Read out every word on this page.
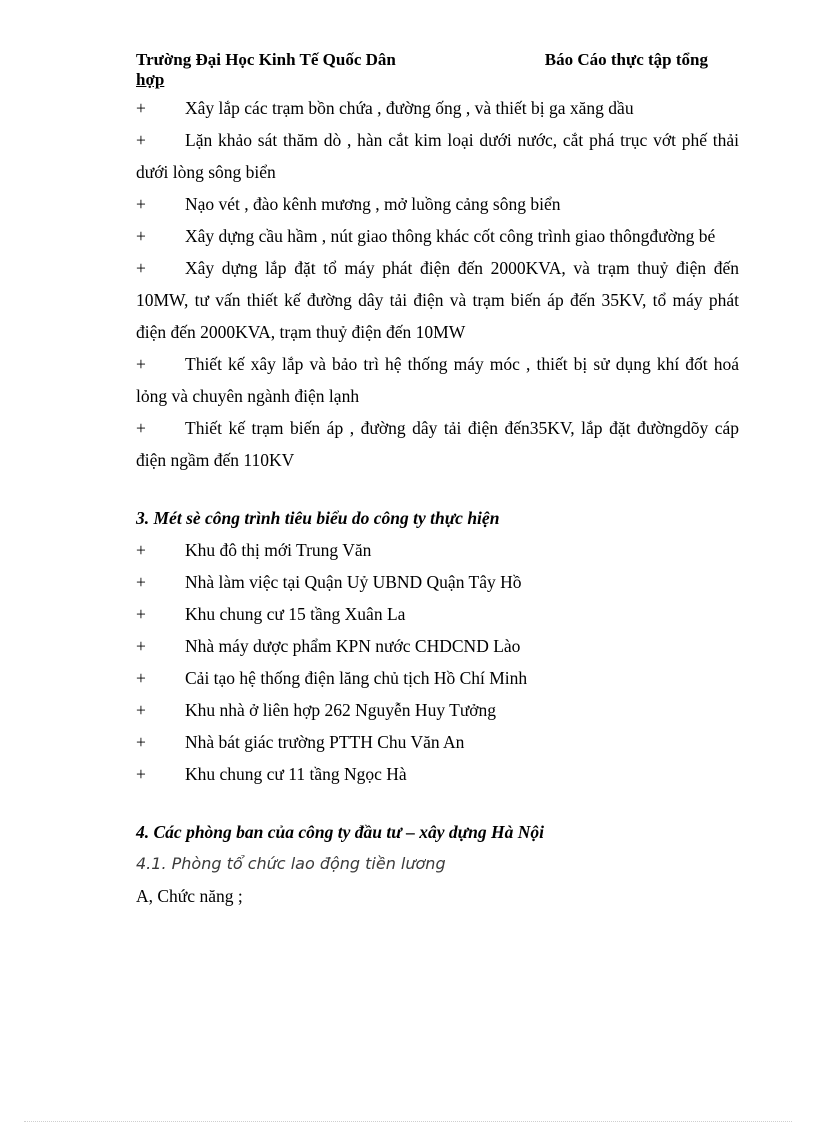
Trường Đại Học Kinh Tế Quốc Dân	Báo Cáo thực tập tổng
hợp
+ Xây lắp các trạm bồn chứa , đường ống , và thiết bị ga xăng dầu
+ Lặn khảo sát thăm dò , hàn cắt kim loại dưới nước, cắt phá trục vớt phế thải dưới lòng sông biển
+ Nạo vét , đào kênh mương , mở luồng cảng sông biển
+ Xây dựng cầu hầm , nút giao thông khác cốt công trình giao thôngđường bé
+ Xây dựng lắp đặt tổ máy phát điện đến 2000KVA, và trạm thuỷ điện đến 10MW, tư vấn thiết kế đường dây tải điện và trạm biến áp đến 35KV, tổ máy phát điện đến 2000KVA, trạm thuỷ điện đến 10MW
+ Thiết kế xây lắp và bảo trì hệ thống máy móc , thiết bị sử dụng khí đốt hoá lỏng và chuyên ngành điện lạnh
+ Thiết kế trạm biến áp , đường dây tải điện đến35KV, lắp đặt đườngdõy cáp điện ngầm đến 110KV
3. Mét sè công trình tiêu biểu do công ty thực hiện
+ Khu đô thị mới Trung Văn
+ Nhà làm việc tại Quận Uỷ UBND Quận Tây Hồ
+ Khu chung cư 15 tầng Xuân La
+ Nhà máy dược phẩm KPN nước CHDCND Lào
+ Cải tạo hệ thống điện lăng chủ tịch Hồ Chí Minh
+ Khu nhà ở liên hợp 262 Nguyễn Huy Tưởng
+ Nhà bát giác trường PTTH Chu Văn An
+ Khu chung cư 11 tầng Ngọc Hà
4. Các phòng ban của công ty đầu tư – xây dựng Hà Nội
4.1. Phòng tổ chức lao động tiền lương
A, Chức năng ;
